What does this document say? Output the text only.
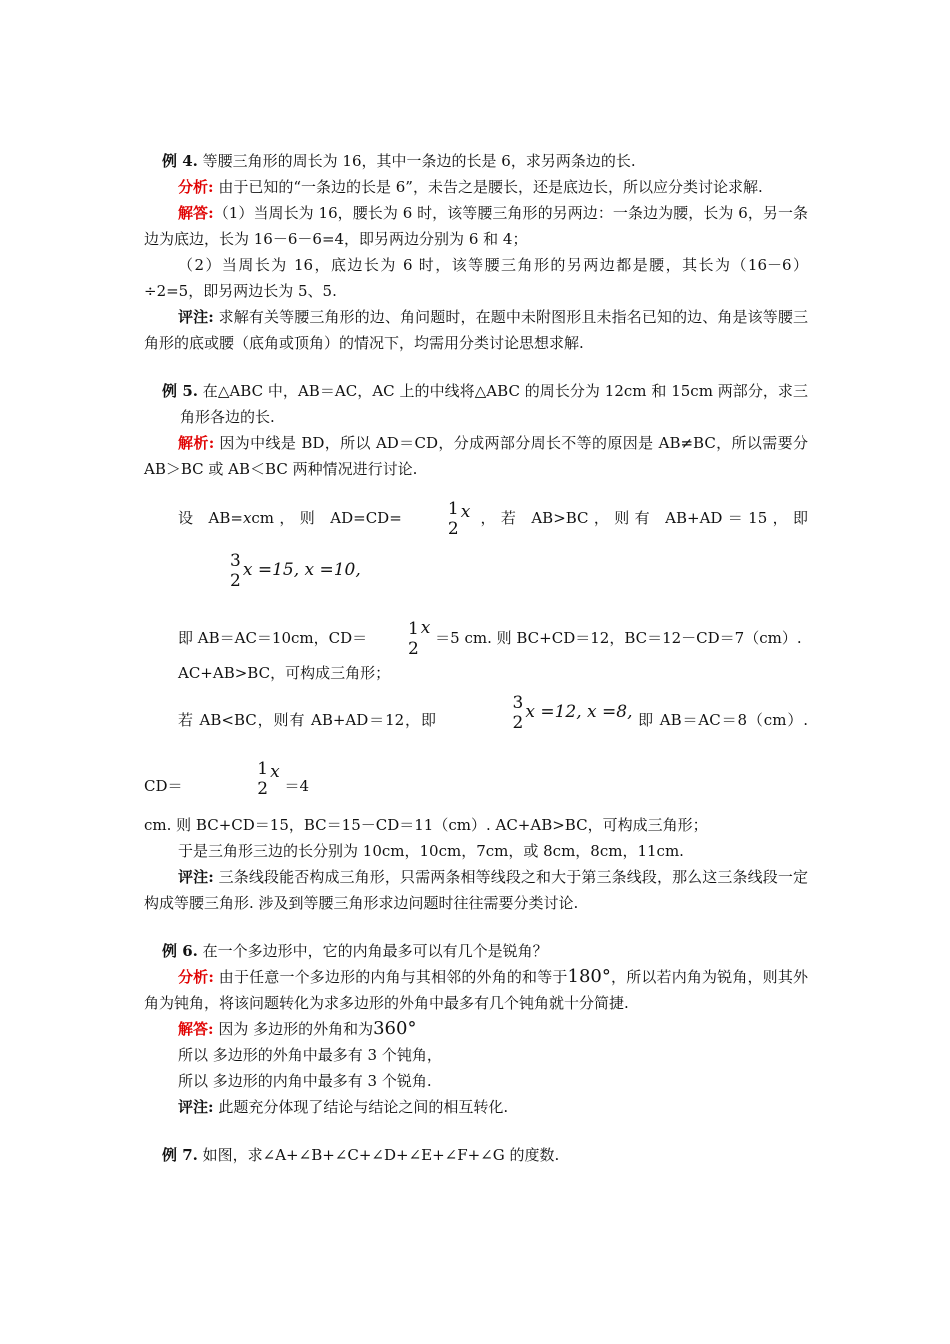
例 4. 等腰三角形的周长为 16，其中一条边的长是 6，求另两条边的长.

分析: 由于已知的“一条边的长是 6”，未告之是腰长，还是底边长，所以应分类讨论求解.

解答:（1）当周长为 16，腰长为 6 时，该等腰三角形的另两边：一条边为腰，长为 6，另一条边为底边，长为 16－6－6=4，即另两边分别为 6 和 4；

（2）当周长为 16，底边长为 6 时，该等腰三角形的另两边都是腰，其长为（16－6）÷2=5，即另两边长为 5、5.

评注: 求解有关等腰三角形的边、角问题时，在题中未附图形且未指名已知的边、角是该等腰三角形的底或腰（底角或顶角）的情况下，均需用分类讨论思想求解.

例 5. 在△ABC 中，AB＝AC，AC 上的中线将△ABC 的周长分为 12cm 和 15cm 两部分，求三角形各边的长.

解析: 因为中线是 BD，所以 AD＝CD，分成两部分周长不等的原因是 AB≠BC，所以需要分 AB＞BC 或 AB＜BC 两种情况进行讨论.

设 AB=xcm，则 AD=CD=	1
2
x ，若 AB>BC，则有 AB+AD＝15，即
3
2
x =15, x =10,

即 AB＝AC＝10cm，CD＝	1
2
x ＝5 cm. 则 BC+CD＝12，BC＝12－CD＝7（cm）.

AC+AB>BC，可构成三角形；

若 AB<BC，则有 AB+AD＝12，即
3
2
x =12, x =8, 即 AB＝AC＝8（cm）. CD＝
1
2
x ＝4

cm. 则 BC+CD＝15，BC＝15－CD＝11（cm）. AC+AB>BC，可构成三角形；

于是三角形三边的长分别为 10cm，10cm，7cm，或 8cm，8cm，11cm.

评注: 三条线段能否构成三角形，只需两条相等线段之和大于第三条线段，那么这三条线段一定构成等腰三角形. 涉及到等腰三角形求边问题时往往需要分类讨论.

例 6. 在一个多边形中，它的内角最多可以有几个是锐角？

分析: 由于任意一个多边形的内角与其相邻的外角的和等于180°，所以若内角为锐角，则其外角为钝角，将该问题转化为求多边形的外角中最多有几个钝角就十分简捷.

解答: 因为 多边形的外角和为360°

所以 多边形的外角中最多有 3 个钝角，

所以 多边形的内角中最多有 3 个锐角.

评注: 此题充分体现了结论与结论之间的相互转化.

例 7. 如图，求∠A+∠B+∠C+∠D+∠E+∠F+∠G 的度数.
